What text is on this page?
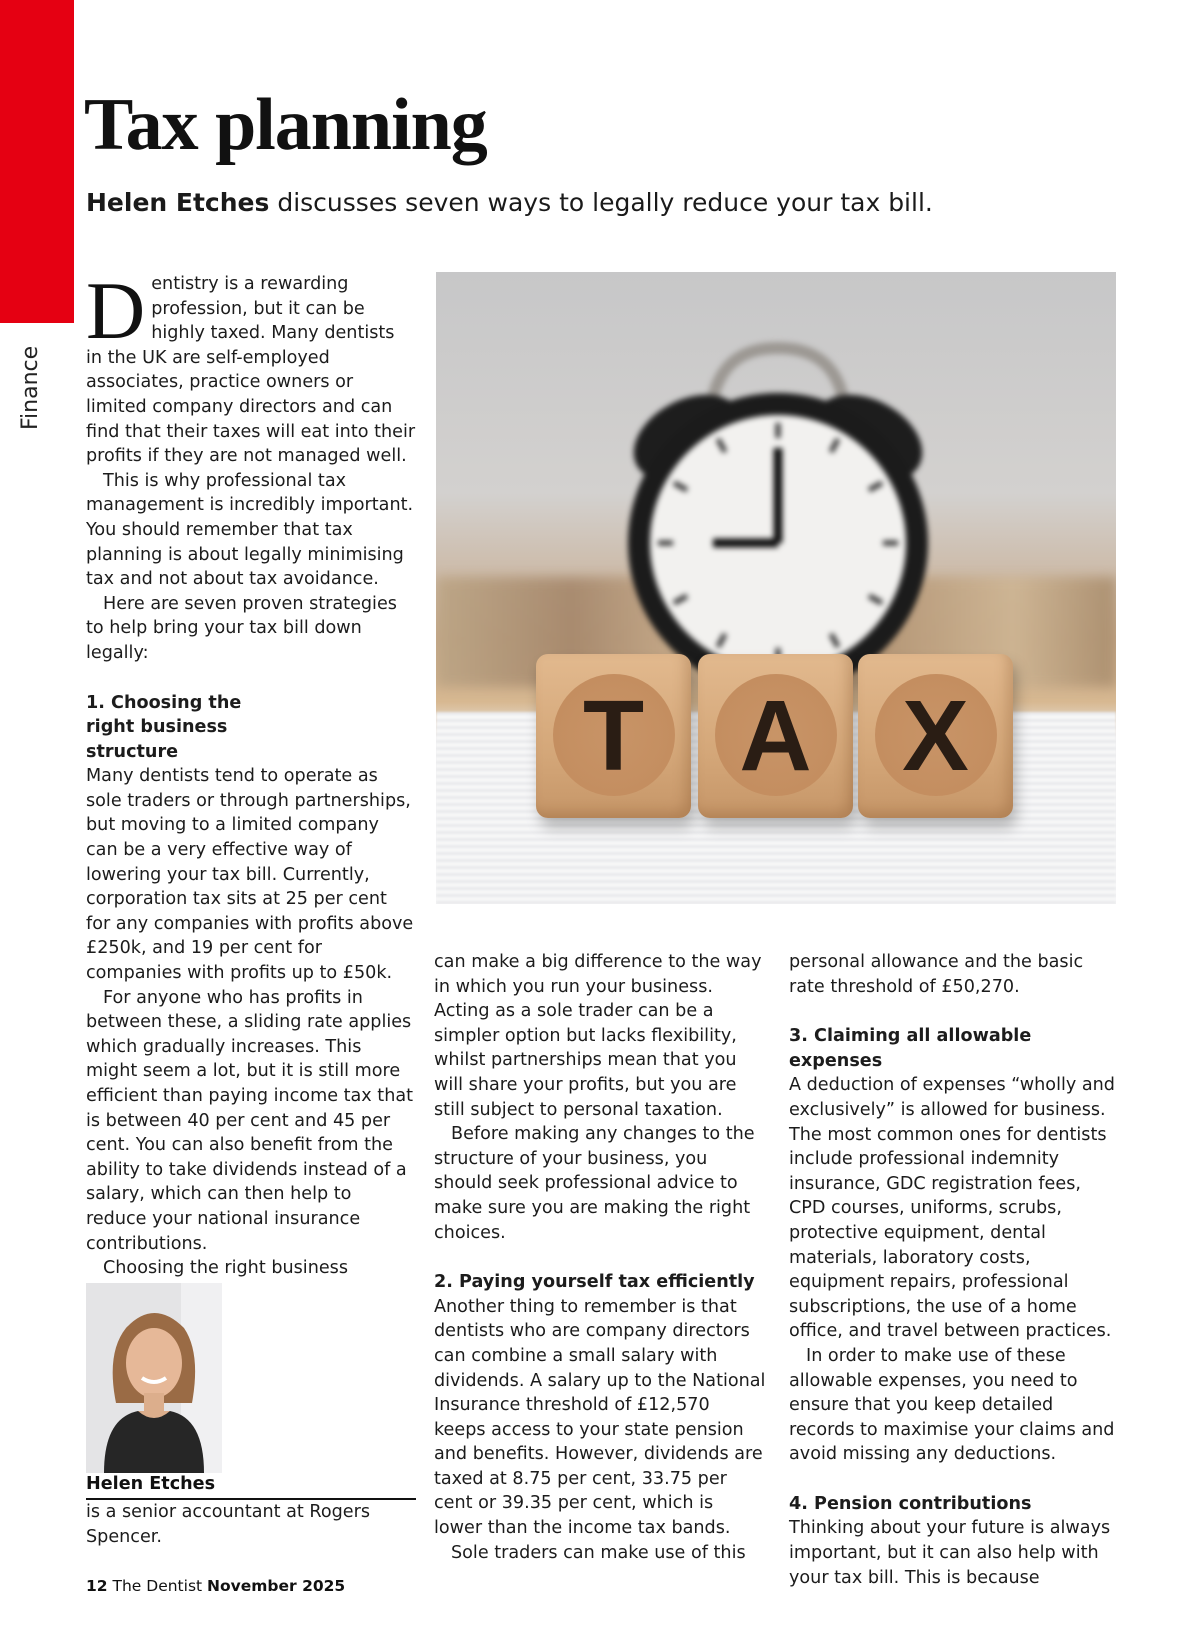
Finance
Tax planning
Helen Etches discusses seven ways to legally reduce your tax bill.

Dentistry is a rewarding profession, but it can be highly taxed. Many dentists in the UK are self-employed associates, practice owners or limited company directors and can find that their taxes will eat into their profits if they are not managed well.

This is why professional tax management is incredibly important. You should remember that tax planning is about legally minimising tax and not about tax avoidance.

Here are seven proven strategies to help bring your tax bill down legally:

1. Choosing the right business structure

Many dentists tend to operate as sole traders or through partnerships, but moving to a limited company can be a very effective way of lowering your tax bill. Currently, corporation tax sits at 25 per cent for any companies with profits above £250k, and 19 per cent for companies with profits up to £50k.

For anyone who has profits in between these, a sliding rate applies which gradually increases. This might seem a lot, but it is still more efficient than paying income tax that is between 40 per cent and 45 per cent. You can also benefit from the ability to take dividends instead of a salary, which can then help to reduce your national insurance contributions.

Choosing the right business

T A X

can make a big difference to the way in which you run your business. Acting as a sole trader can be a simpler option but lacks flexibility, whilst partnerships mean that you will share your profits, but you are still subject to personal taxation.

Before making any changes to the structure of your business, you should seek professional advice to make sure you are making the right choices.

2. Paying yourself tax efficiently

Another thing to remember is that dentists who are company directors can combine a small salary with dividends. A salary up to the National Insurance threshold of £12,570 keeps access to your state pension and benefits. However, dividends are taxed at 8.75 per cent, 33.75 per cent or 39.35 per cent, which is lower than the income tax bands.

Sole traders can make use of this

personal allowance and the basic rate threshold of £50,270.

3. Claiming all allowable expenses

A deduction of expenses “wholly and exclusively” is allowed for business. The most common ones for dentists include professional indemnity insurance, GDC registration fees, CPD courses, uniforms, scrubs, protective equipment, dental materials, laboratory costs, equipment repairs, professional subscriptions, the use of a home office, and travel between practices.

In order to make use of these allowable expenses, you need to ensure that you keep detailed records to maximise your claims and avoid missing any deductions.

4. Pension contributions

Thinking about your future is always important, but it can also help with your tax bill. This is because

Helen Etches
is a senior accountant at Rogers Spencer.
12 The Dentist November 2025
